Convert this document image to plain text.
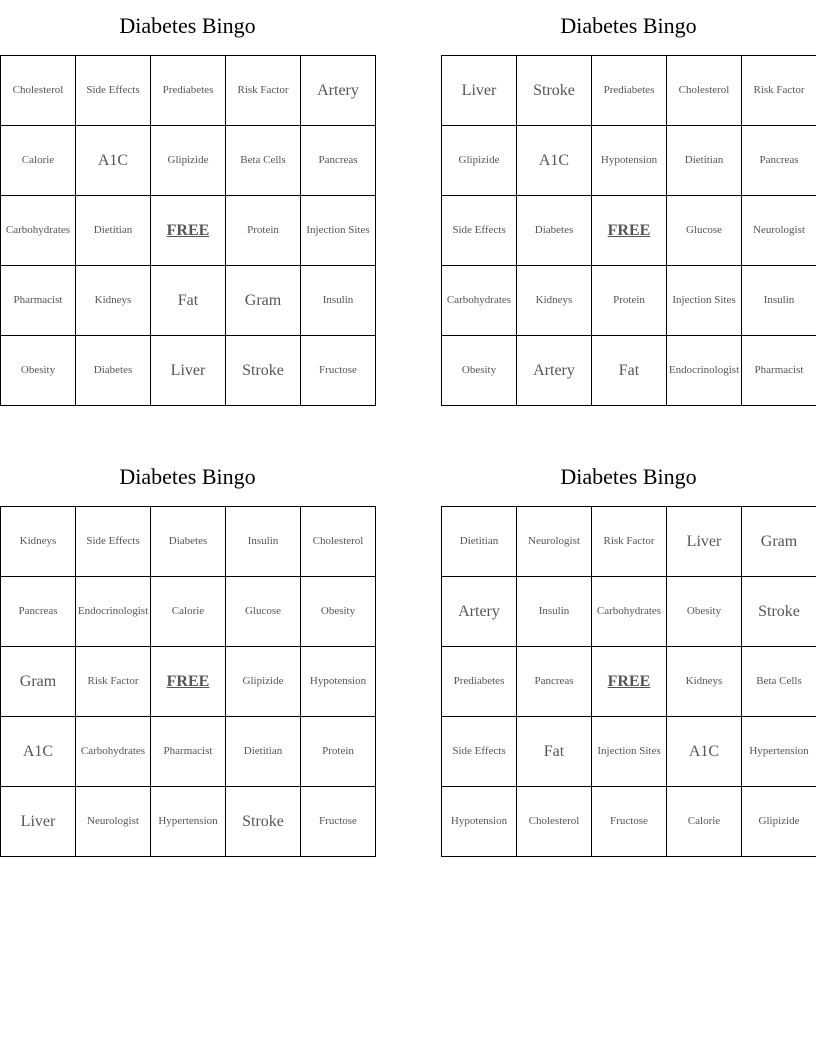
Diabetes Bingo
Cholesterol	Side Effects	Prediabetes	Risk Factor	Artery
Calorie	A1C	Glipizide	Beta Cells	Pancreas
Carbohydrates	Dietitian	FREE	Protein	Injection Sites
Pharmacist	Kidneys	Fat	Gram	Insulin
Obesity	Diabetes	Liver	Stroke	Fructose
Diabetes Bingo
Liver	Stroke	Prediabetes	Cholesterol	Risk Factor
Glipizide	A1C	Hypotension	Dietitian	Pancreas
Side Effects	Diabetes	FREE	Glucose	Neurologist
Carbohydrates	Kidneys	Protein	Injection Sites	Insulin
Obesity	Artery	Fat	Endocrinologist	Pharmacist
Diabetes Bingo
Kidneys	Side Effects	Diabetes	Insulin	Cholesterol
Pancreas	Endocrinologist	Calorie	Glucose	Obesity
Gram	Risk Factor	FREE	Glipizide	Hypotension
A1C	Carbohydrates	Pharmacist	Dietitian	Protein
Liver	Neurologist	Hypertension	Stroke	Fructose
Diabetes Bingo
Dietitian	Neurologist	Risk Factor	Liver	Gram
Artery	Insulin	Carbohydrates	Obesity	Stroke
Prediabetes	Pancreas	FREE	Kidneys	Beta Cells
Side Effects	Fat	Injection Sites	A1C	Hypertension
Hypotension	Cholesterol	Fructose	Calorie	Glipizide
